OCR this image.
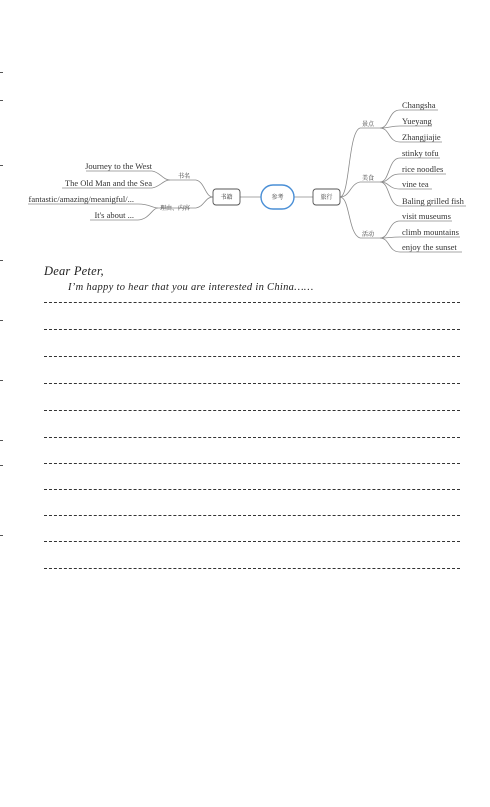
参考
书籍	旅行
书名
理由、内容
Journey to the West
The Old Man and the Sea
fantastic/amazing/meanigful/...
It's about ...
景点
美食
活动
Changsha
Yueyang
Zhangjiajie
stinky tofu
rice noodles
vine tea
Baling grilled fish
visit museums
climb mountains
enjoy the sunset
Dear Peter,
I’m happy to hear that you are interested in China……
